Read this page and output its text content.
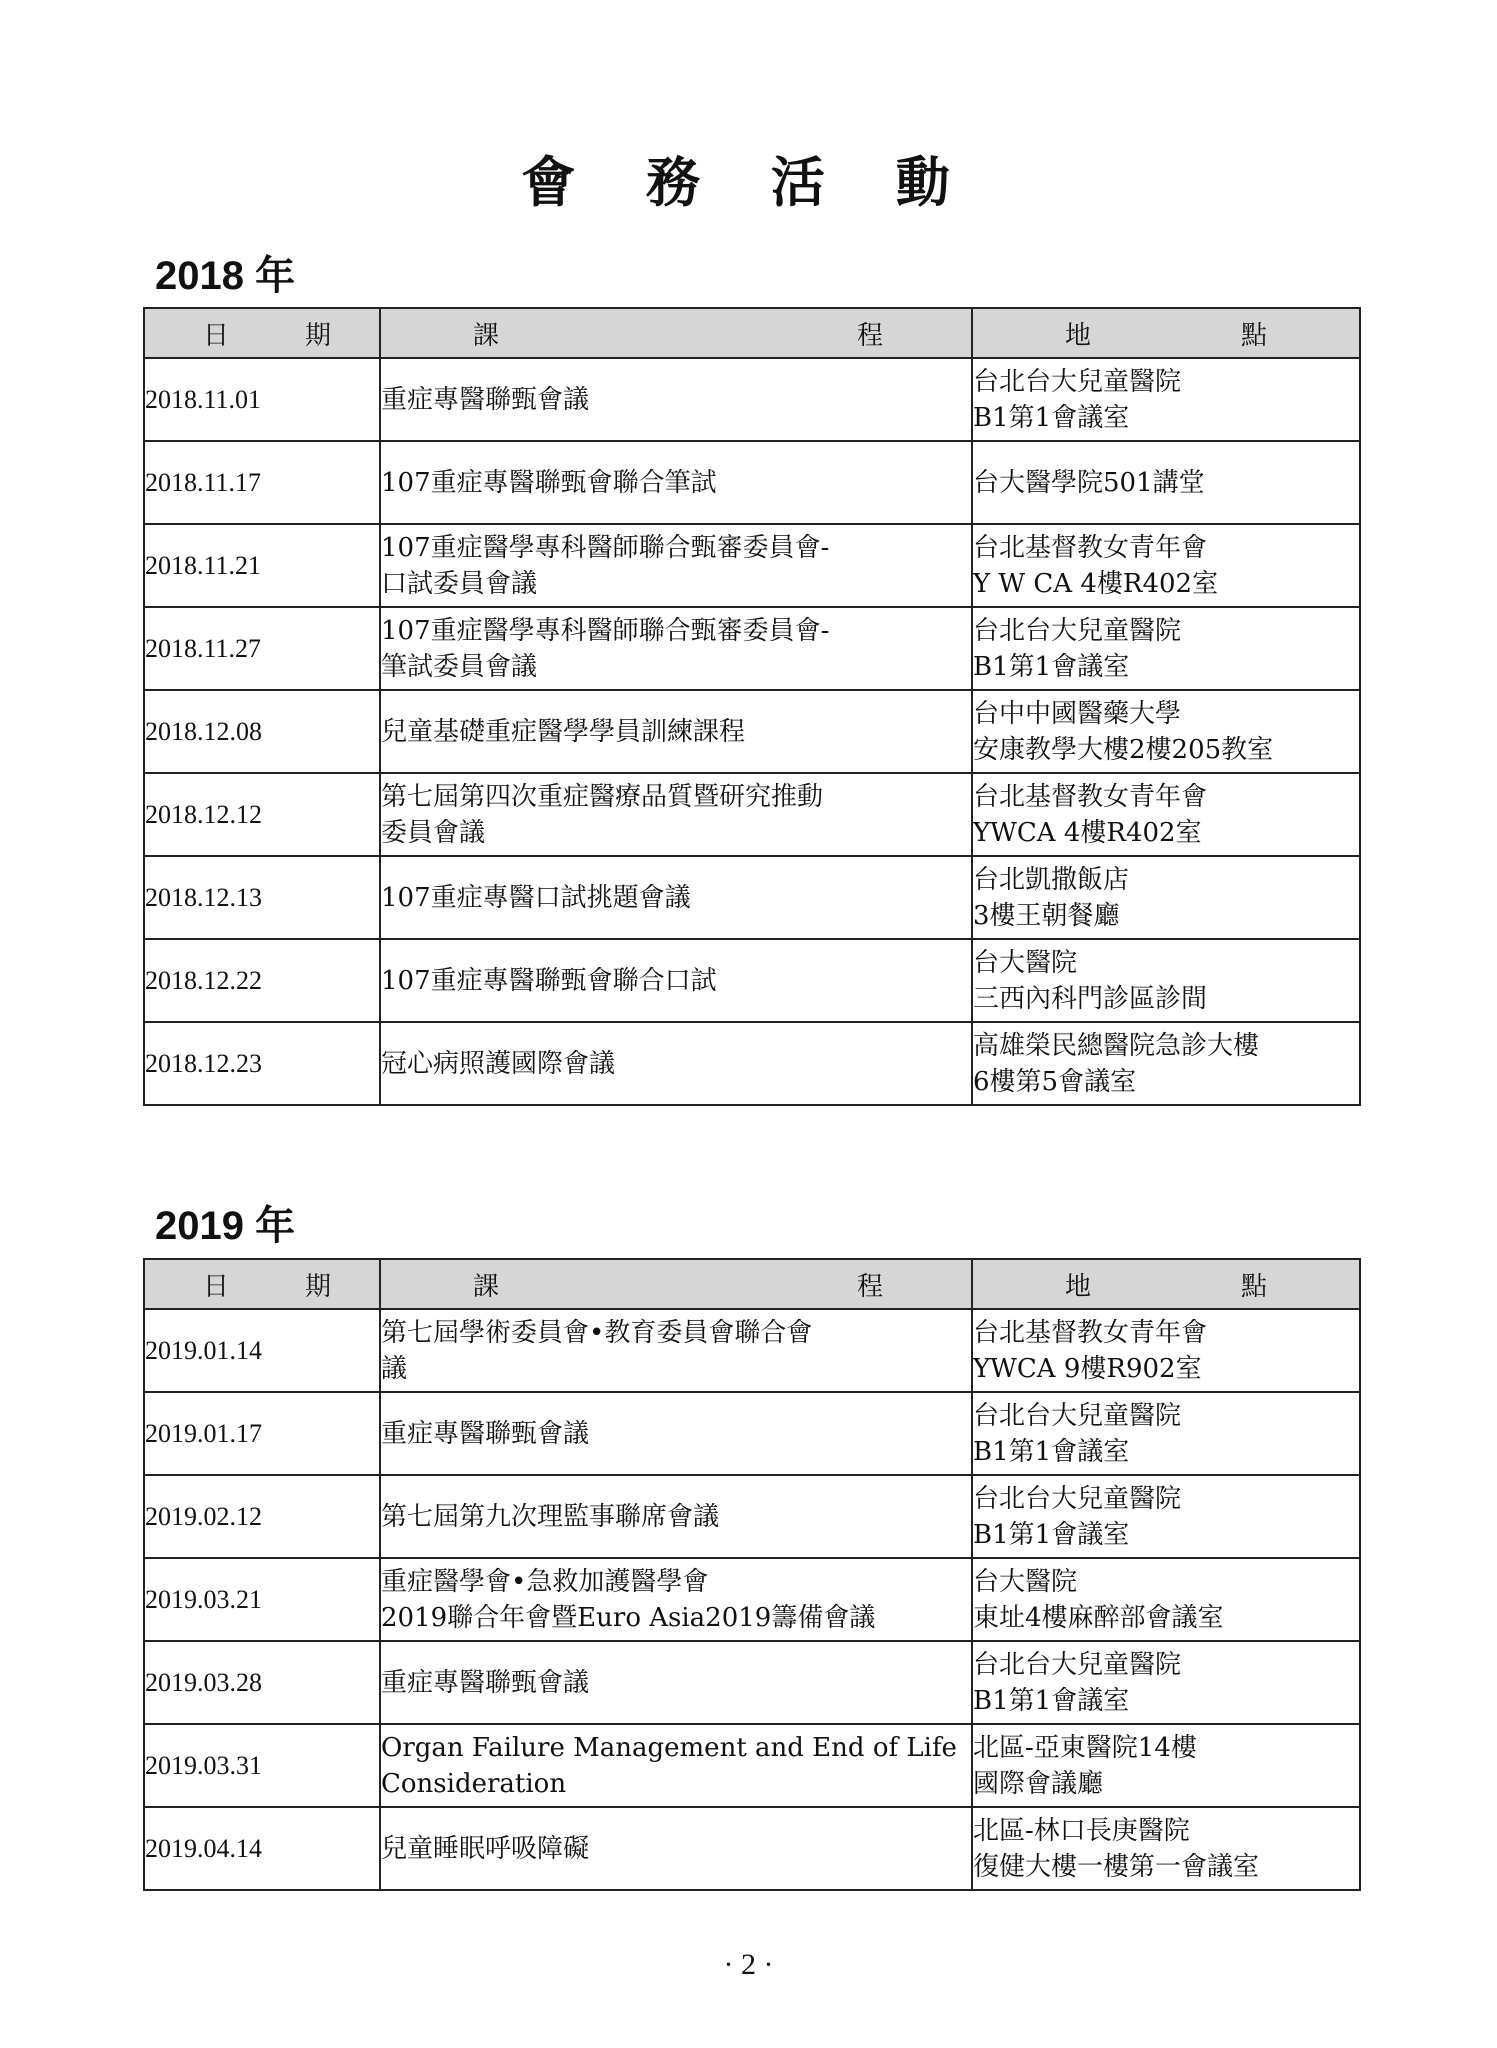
會 務 活 動
2018 年
日 期	課 程	地 點

2018.11.01	重症專醫聯甄會議	台北台大兒童醫院
B1第1會議室

2018.11.17	107重症專醫聯甄會聯合筆試	台大醫學院501講堂

2018.11.21	107重症醫學專科醫師聯合甄審委員會-
口試委員會議	台北基督教女青年會
Y W CA 4樓R402室

2018.11.27	107重症醫學專科醫師聯合甄審委員會-
筆試委員會議	台北台大兒童醫院
B1第1會議室

2018.12.08	兒童基礎重症醫學學員訓練課程	台中中國醫藥大學
安康教學大樓2樓205教室

2018.12.12	第七屆第四次重症醫療品質暨研究推動
委員會議	台北基督教女青年會
YWCA 4樓R402室

2018.12.13	107重症專醫口試挑題會議	台北凱撒飯店
3樓王朝餐廳

2018.12.22	107重症專醫聯甄會聯合口試	台大醫院
三西內科門診區診間

2018.12.23	冠心病照護國際會議	高雄榮民總醫院急診大樓
6樓第5會議室
2019 年
日 期	課 程	地 點

2019.01.14	第七屆學術委員會•教育委員會聯合會
議	台北基督教女青年會
YWCA 9樓R902室

2019.01.17	重症專醫聯甄會議	台北台大兒童醫院
B1第1會議室

2019.02.12	第七屆第九次理監事聯席會議	台北台大兒童醫院
B1第1會議室

2019.03.21	重症醫學會•急救加護醫學會
2019聯合年會暨Euro Asia2019籌備會議	台大醫院
東址4樓麻醉部會議室

2019.03.28	重症專醫聯甄會議	台北台大兒童醫院
B1第1會議室

2019.03.31	Organ Failure Management and End of Life
Consideration	北區-亞東醫院14樓
國際會議廳

2019.04.14	兒童睡眠呼吸障礙	北區-林口長庚醫院
復健大樓一樓第一會議室
· 2 ·
